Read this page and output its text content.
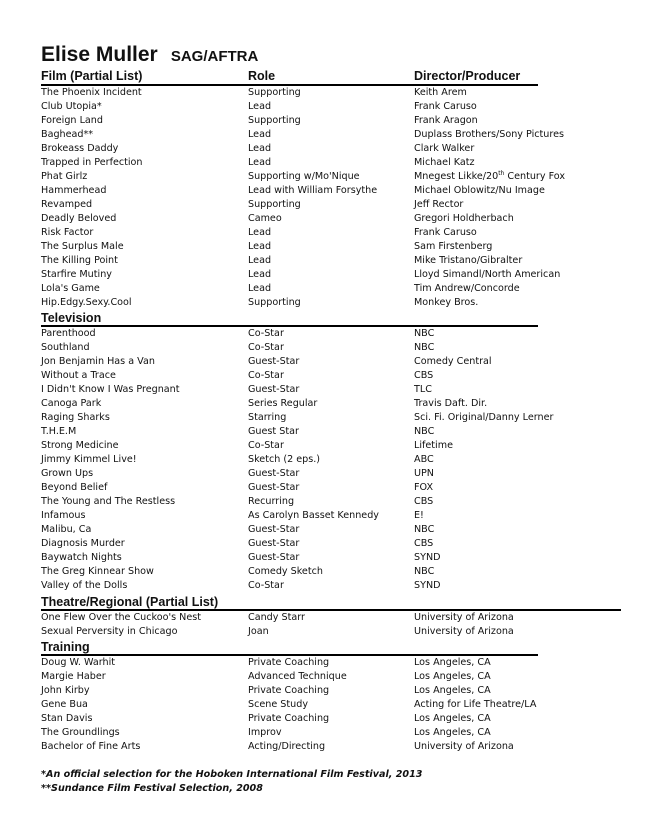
Elise Muller SAG/AFTRA
Film (Partial List)	Role	Director/Producer
The Phoenix Incident	Supporting	Keith Arem
Club Utopia*	Lead	Frank Caruso
Foreign Land	Supporting	Frank Aragon
Baghead**	Lead	Duplass Brothers/Sony Pictures
Brokeass Daddy	Lead	Clark Walker
Trapped in Perfection	Lead	Michael Katz
Phat Girlz	Supporting w/Mo'Nique	Mnegest Likke/20th Century Fox
Hammerhead	Lead with William Forsythe	Michael Oblowitz/Nu Image
Revamped	Supporting	Jeff Rector
Deadly Beloved	Cameo	Gregori Holdherbach
Risk Factor	Lead	Frank Caruso
The Surplus Male	Lead	Sam Firstenberg
The Killing Point	Lead	Mike Tristano/Gibralter
Starfire Mutiny	Lead	Lloyd Simandl/North American
Lola's Game	Lead	Tim Andrew/Concorde
Hip.Edgy.Sexy.Cool	Supporting	Monkey Bros.
Television
Parenthood	Co-Star	NBC
Southland	Co-Star	NBC
Jon Benjamin Has a Van	Guest-Star	Comedy Central
Without a Trace	Co-Star	CBS
I Didn't Know I Was Pregnant	Guest-Star	TLC
Canoga Park	Series Regular	Travis Daft. Dir.
Raging Sharks	Starring	Sci. Fi. Original/Danny Lerner
T.H.E.M	Guest Star	NBC
Strong Medicine	Co-Star	Lifetime
Jimmy Kimmel Live!	Sketch (2 eps.)	ABC
Grown Ups	Guest-Star	UPN
Beyond Belief	Guest-Star	FOX
The Young and The Restless	Recurring	CBS
Infamous	As Carolyn Basset Kennedy	E!
Malibu, Ca	Guest-Star	NBC
Diagnosis Murder	Guest-Star	CBS
Baywatch Nights	Guest-Star	SYND
The Greg Kinnear Show	Comedy Sketch	NBC
Valley of the Dolls	Co-Star	SYND
Theatre/Regional (Partial List)
One Flew Over the Cuckoo's Nest	Candy Starr	University of Arizona
Sexual Perversity in Chicago	Joan	University of Arizona
Training
Doug W. Warhit	Private Coaching	Los Angeles, CA
Margie Haber	Advanced Technique	Los Angeles, CA
John Kirby	Private Coaching	Los Angeles, CA
Gene Bua	Scene Study	Acting for Life Theatre/LA
Stan Davis	Private Coaching	Los Angeles, CA
The Groundlings	Improv	Los Angeles, CA
Bachelor of Fine Arts	Acting/Directing	University of Arizona
*An official selection for the Hoboken International Film Festival, 2013
**Sundance Film Festival Selection, 2008
